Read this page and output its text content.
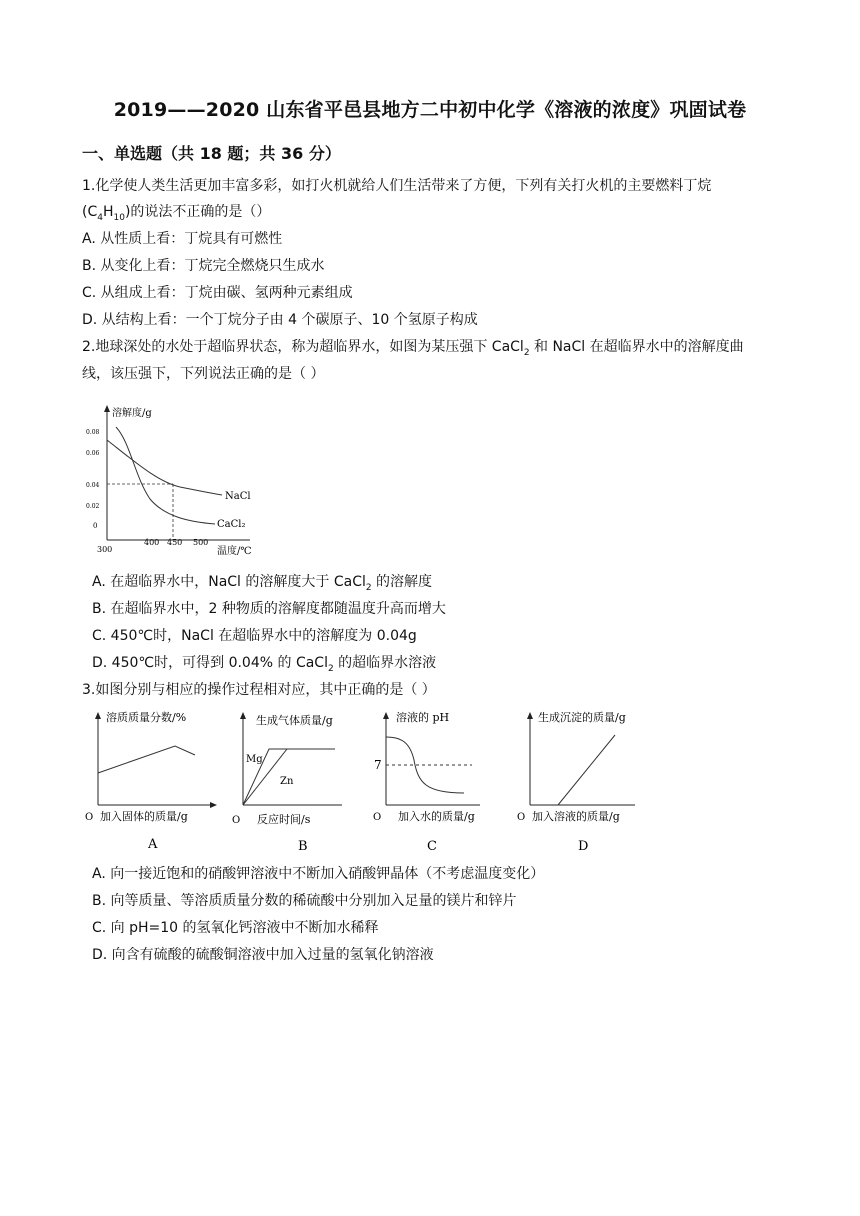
2019——2020 山东省平邑县地方二中初中化学《溶液的浓度》巩固试卷
一、单选题（共 18 题；共 36 分）
1.化学使人类生活更加丰富多彩，如打火机就给人们生活带来了方便，下列有关打火机的主要燃料丁烷
$(C_4H_{10})$的说法不正确的是（）
A. 从性质上看：丁烷具有可燃性
B. 从变化上看：丁烷完全燃烧只生成水
C. 从组成上看：丁烷由碳、氢两种元素组成
D. 从结构上看：一个丁烷分子由 4 个碳原子、10 个氢原子构成
2.地球深处的水处于超临界状态，称为超临界水，如图为某压强下 CaCl$_2$ 和 NaCl 在超临界水中的溶解度曲
线，该压强下，下列说法正确的是（ ）
溶解度/g
0.08
0.06
0.04
0.02
0
300
400 450 500
温度/℃
NaCl
CaCl₂
A. 在超临界水中，NaCl 的溶解度大于 CaCl$_2$ 的溶解度
B. 在超临界水中，2 种物质的溶解度都随温度升高而增大
C. 450℃时，NaCl 在超临界水中的溶解度为 0.04g
D. 450℃时，可得到 0.04% 的 CaCl$_2$ 的超临界水溶液
3.如图分别与相应的操作过程相对应，其中正确的是（ ）
溶质质量分数/%
O 加入固体的质量/g
A
生成气体质量/g
O 反应时间/s
B
Mg
Zn
溶液的 pH
O 加入水的质量/g
C
7
生成沉淀的质量/g
O 加入溶液的质量/g
D
A. 向一接近饱和的硝酸钾溶液中不断加入硝酸钾晶体（不考虑温度变化）
B. 向等质量、等溶质质量分数的稀硫酸中分别加入足量的镁片和锌片
C. 向 pH=10 的氢氧化钙溶液中不断加水稀释
D. 向含有硫酸的硫酸铜溶液中加入过量的氢氧化钠溶液
